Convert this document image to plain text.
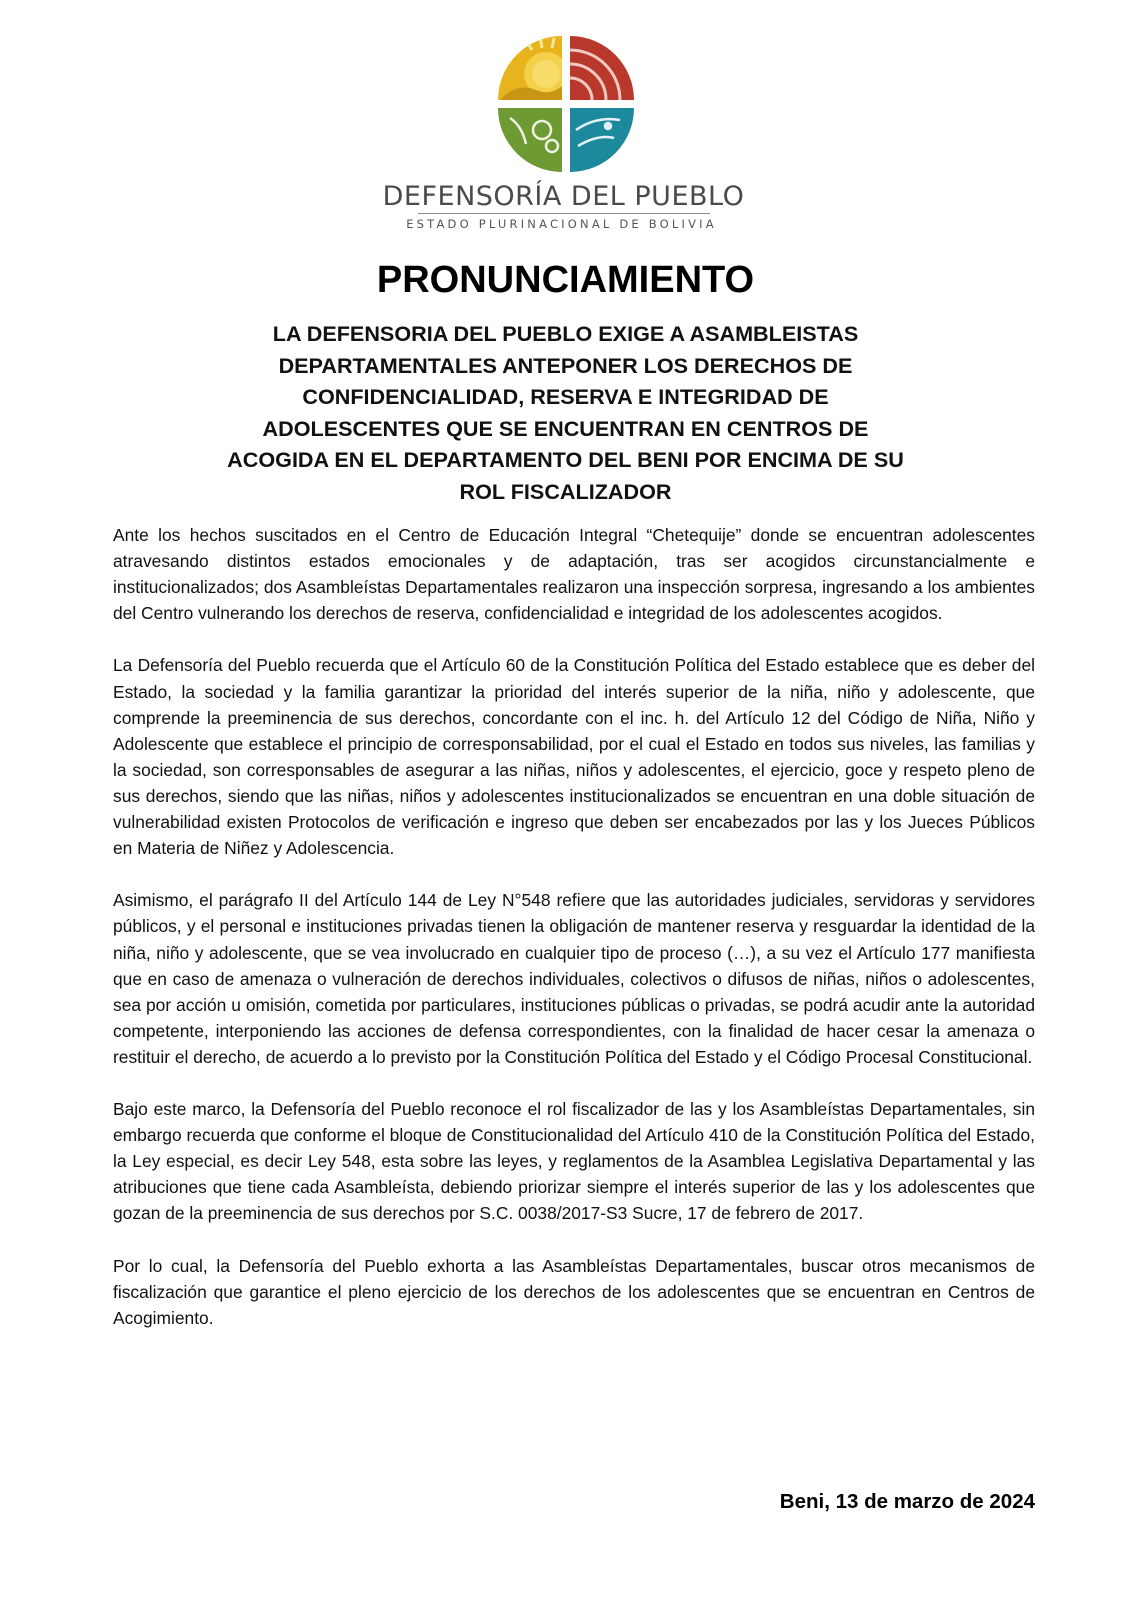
DEFENSORÍA DEL PUEBLO
ESTADO PLURINACIONAL DE BOLIVIA
PRONUNCIAMIENTO
LA DEFENSORIA DEL PUEBLO EXIGE A ASAMBLEISTAS
DEPARTAMENTALES ANTEPONER LOS DERECHOS DE
CONFIDENCIALIDAD, RESERVA E INTEGRIDAD DE
ADOLESCENTES QUE SE ENCUENTRAN EN CENTROS DE
ACOGIDA EN EL DEPARTAMENTO DEL BENI POR ENCIMA DE SU
ROL FISCALIZADOR

Ante los hechos suscitados en el Centro de Educación Integral “Chetequije” donde se encuentran adolescentes atravesando distintos estados emocionales y de adaptación, tras ser acogidos circunstancialmente e institucionalizados; dos Asambleístas Departamentales realizaron una inspección sorpresa, ingresando a los ambientes del Centro vulnerando los derechos de reserva, confidencialidad e integridad de los adolescentes acogidos.

La Defensoría del Pueblo recuerda que el Artículo 60 de la Constitución Política del Estado establece que es deber del Estado, la sociedad y la familia garantizar la prioridad del interés superior de la niña, niño y adolescente, que comprende la preeminencia de sus derechos, concordante con el inc. h. del Artículo 12 del Código de Niña, Niño y Adolescente que establece el principio de corresponsabilidad, por el cual el Estado en todos sus niveles, las familias y la sociedad, son corresponsables de asegurar a las niñas, niños y adolescentes, el ejercicio, goce y respeto pleno de sus derechos, siendo que las niñas, niños y adolescentes institucionalizados se encuentran en una doble situación de vulnerabilidad existen Protocolos de verificación e ingreso que deben ser encabezados por las y los Jueces Públicos en Materia de Niñez y Adolescencia.

Asimismo, el parágrafo II del Artículo 144 de Ley N°548 refiere que las autoridades judiciales, servidoras y servidores públicos, y el personal e instituciones privadas tienen la obligación de mantener reserva y resguardar la identidad de la niña, niño y adolescente, que se vea involucrado en cualquier tipo de proceso (…), a su vez el Artículo 177 manifiesta que en caso de amenaza o vulneración de derechos individuales, colectivos o difusos de niñas, niños o adolescentes, sea por acción u omisión, cometida por particulares, instituciones públicas o privadas, se podrá acudir ante la autoridad competente, interponiendo las acciones de defensa correspondientes, con la finalidad de hacer cesar la amenaza o restituir el derecho, de acuerdo a lo previsto por la Constitución Política del Estado y el Código Procesal Constitucional.

Bajo este marco, la Defensoría del Pueblo reconoce el rol fiscalizador de las y los Asambleístas Departamentales, sin embargo recuerda que conforme el bloque de Constitucionalidad del Artículo 410 de la Constitución Política del Estado, la Ley especial, es decir Ley 548, esta sobre las leyes, y reglamentos de la Asamblea Legislativa Departamental y las atribuciones que tiene cada Asambleísta, debiendo priorizar siempre el interés superior de las y los adolescentes que gozan de la preeminencia de sus derechos por S.C. 0038/2017-S3 Sucre, 17 de febrero de 2017.

Por lo cual, la Defensoría del Pueblo exhorta a las Asambleístas Departamentales, buscar otros mecanismos de fiscalización que garantice el pleno ejercicio de los derechos de los adolescentes que se encuentran en Centros de Acogimiento.

Beni, 13 de marzo de 2024
